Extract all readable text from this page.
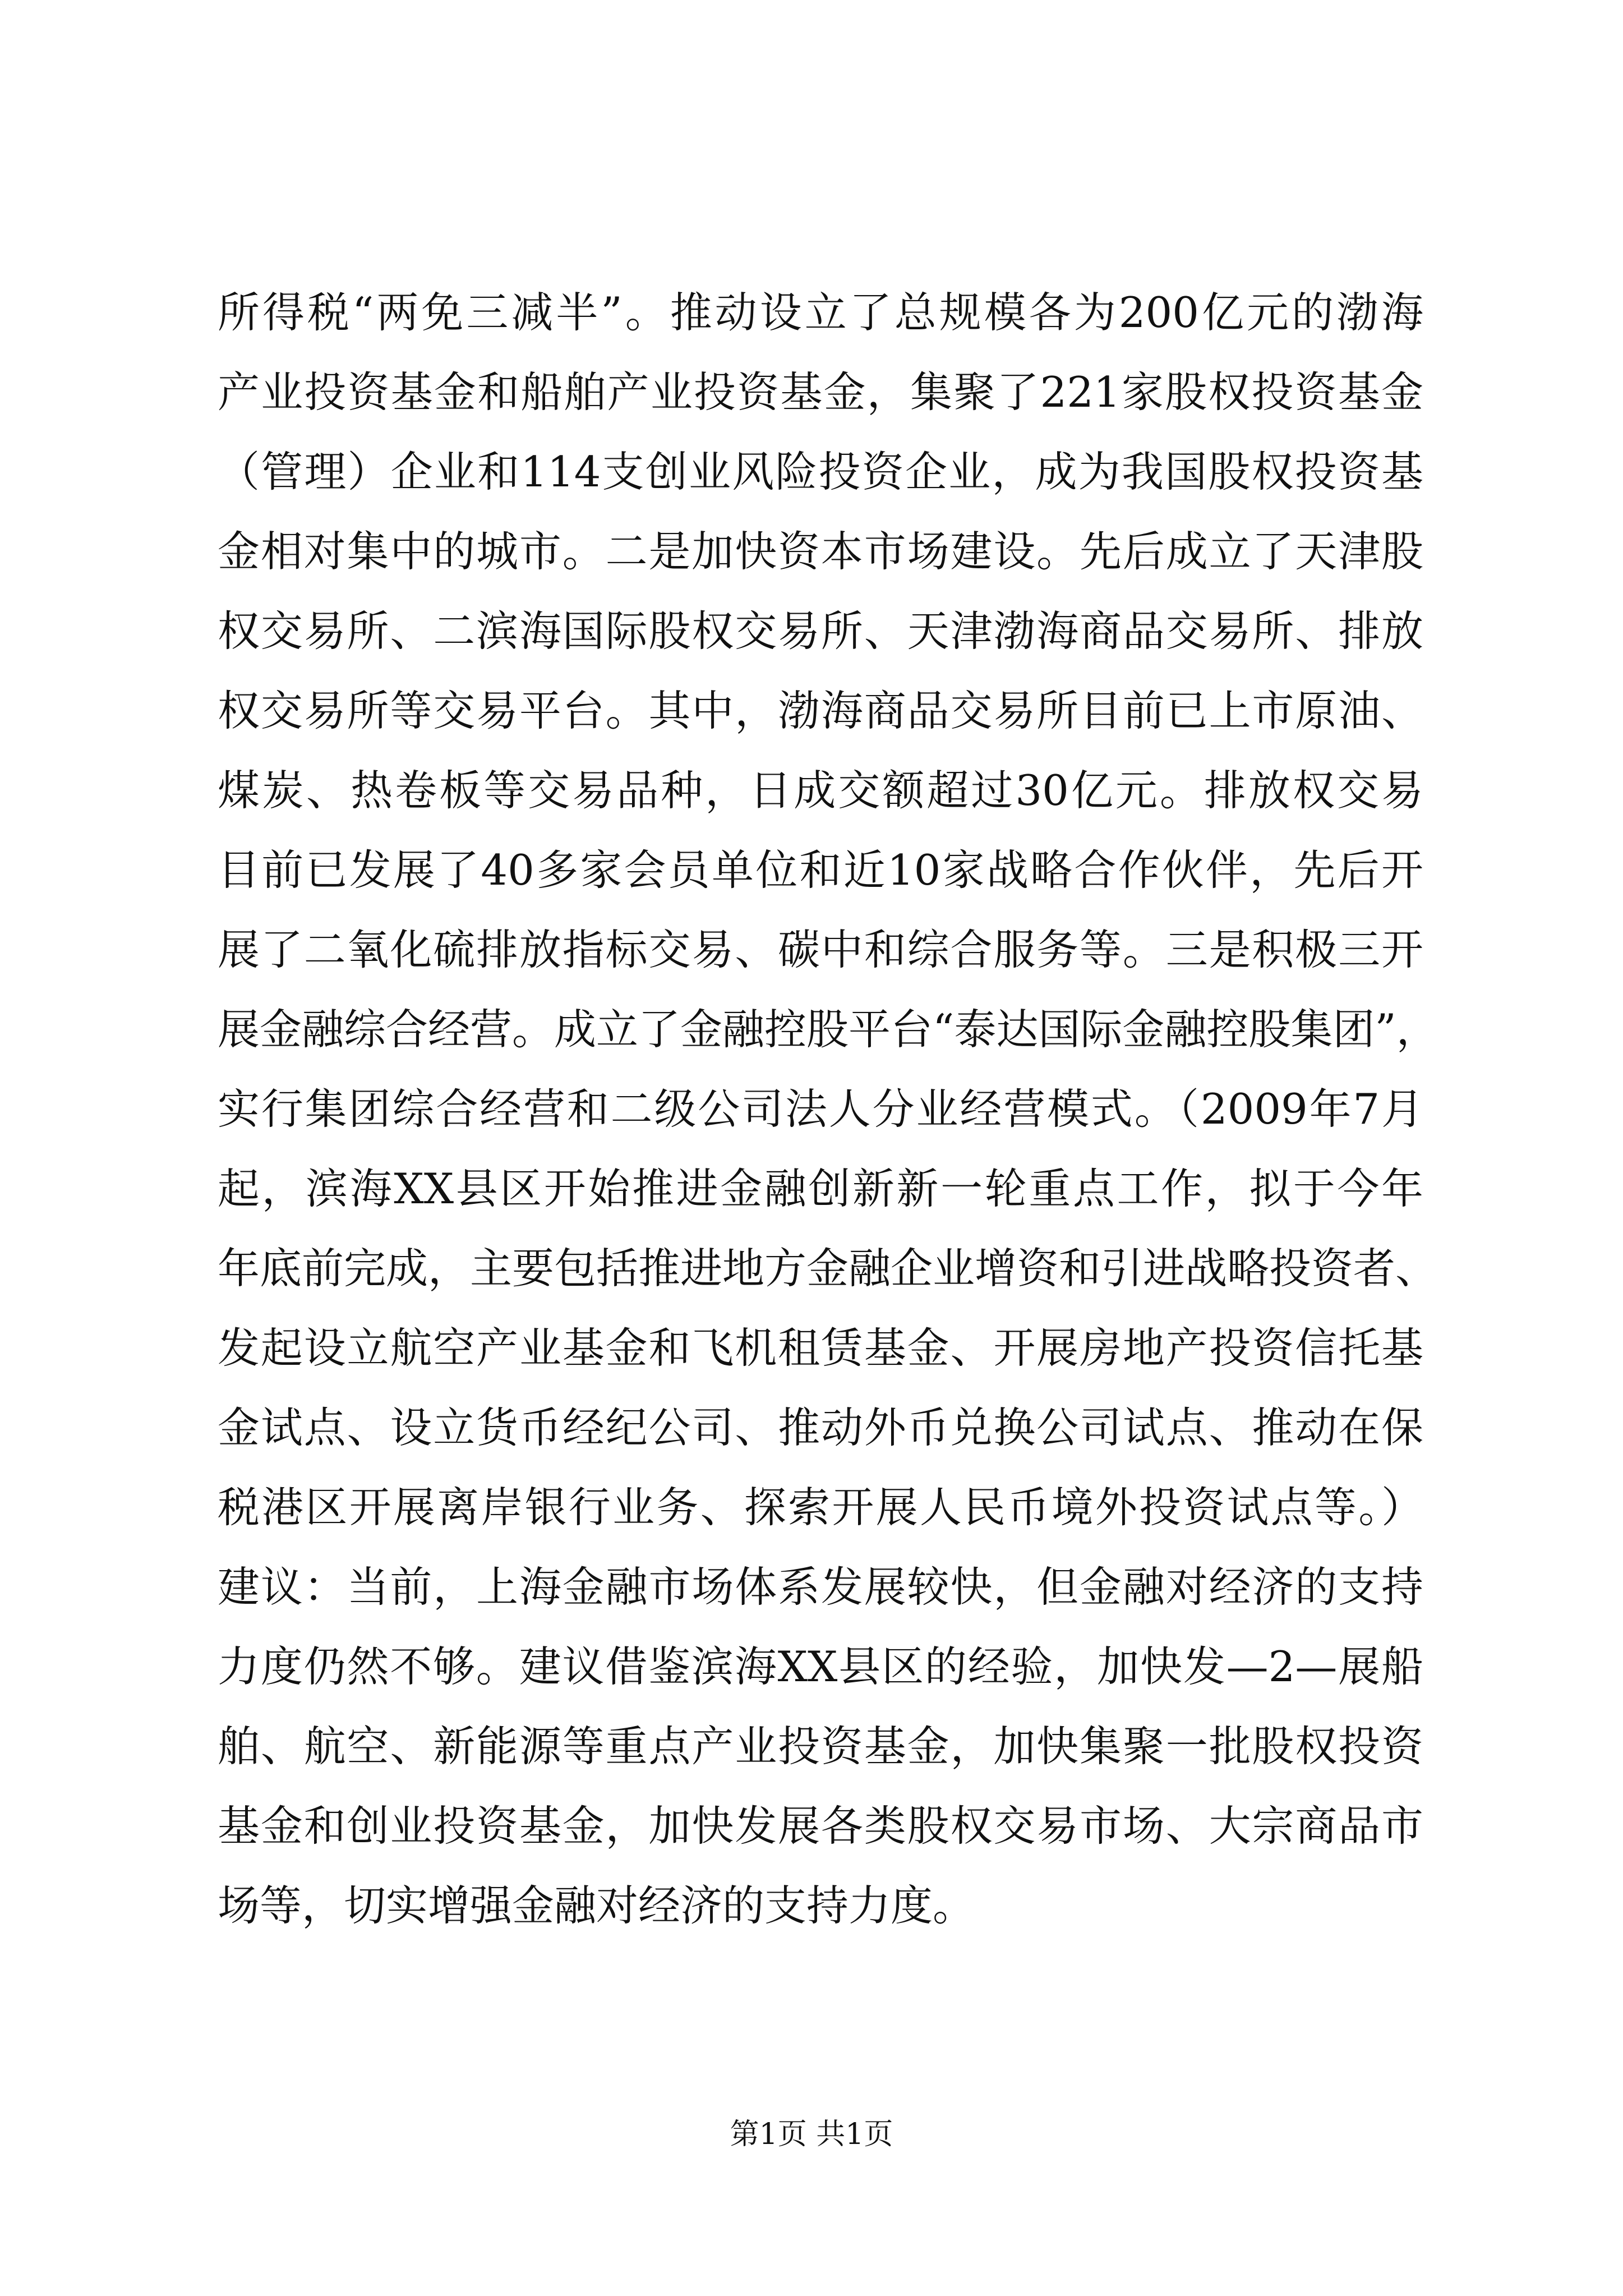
所得税“两免三减半”。推动设立了总规模各为200亿元的渤海
产业投资基金和船舶产业投资基金，集聚了221家股权投资基金
（管理）企业和114支创业风险投资企业，成为我国股权投资基
金相对集中的城市。二是加快资本市场建设。先后成立了天津股
权交易所、二滨海国际股权交易所、天津渤海商品交易所、排放
权交易所等交易平台。其中，渤海商品交易所目前已上市原油、
煤炭、热卷板等交易品种，日成交额超过30亿元。排放权交易
目前已发展了40多家会员单位和近10家战略合作伙伴，先后开
展了二氧化硫排放指标交易、碳中和综合服务等。三是积极三开
展金融综合经营。成立了金融控股平台“泰达国际金融控股集团”，
实行集团综合经营和二级公司法人分业经营模式。（2009年7月
起，滨海XX县区开始推进金融创新新一轮重点工作，拟于今年
年底前完成，主要包括推进地方金融企业增资和引进战略投资者、
发起设立航空产业基金和飞机租赁基金、开展房地产投资信托基
金试点、设立货币经纪公司、推动外币兑换公司试点、推动在保
税港区开展离岸银行业务、探索开展人民币境外投资试点等。）
建议：当前，上海金融市场体系发展较快，但金融对经济的支持
力度仍然不够。建议借鉴滨海XX县区的经验，加快发—2—展船
舶、航空、新能源等重点产业投资基金，加快集聚一批股权投资
基金和创业投资基金，加快发展各类股权交易市场、大宗商品市
场等，切实增强金融对经济的支持力度。
第1页 共1页
